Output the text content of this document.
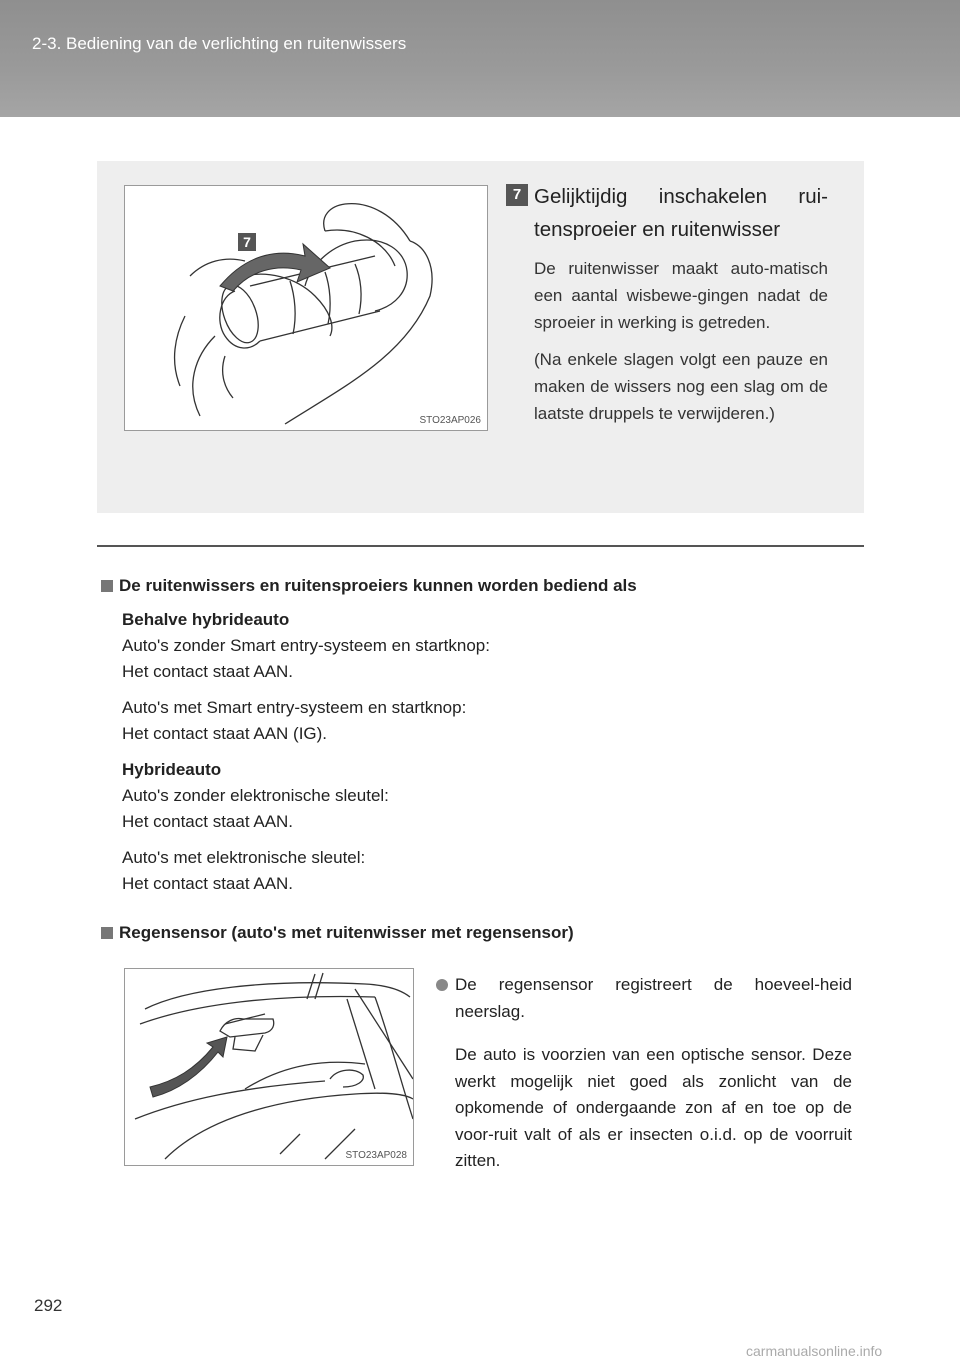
2-3. Bediening van de verlichting en ruitenwissers
7
STO23AP026
7 Gelijktijdig inschakelen rui-tensproeier en ruitenwisser

De ruitenwisser maakt auto-matisch een aantal wisbewe-gingen nadat de sproeier in werking is getreden.

(Na enkele slagen volgt een pauze en maken de wissers nog een slag om de laatste druppels te verwijderen.)

De ruitenwissers en ruitensproeiers kunnen worden bediend als
Behalve hybrideauto
Auto's zonder Smart entry-systeem en startknop:
Het contact staat AAN.
Auto's met Smart entry-systeem en startknop:
Het contact staat AAN (IG).
Hybrideauto
Auto's zonder elektronische sleutel:
Het contact staat AAN.
Auto's met elektronische sleutel:
Het contact staat AAN.
Regensensor (auto's met ruitenwisser met regensensor)
STO23AP028

De regensensor registreert de hoeveel-heid neerslag.

De auto is voorzien van een optische sensor. Deze werkt mogelijk niet goed als zonlicht van de opkomende of ondergaande zon af en toe op de voor-ruit valt of als er insecten o.i.d. op de voorruit zitten.

292
carmanualsonline.info
